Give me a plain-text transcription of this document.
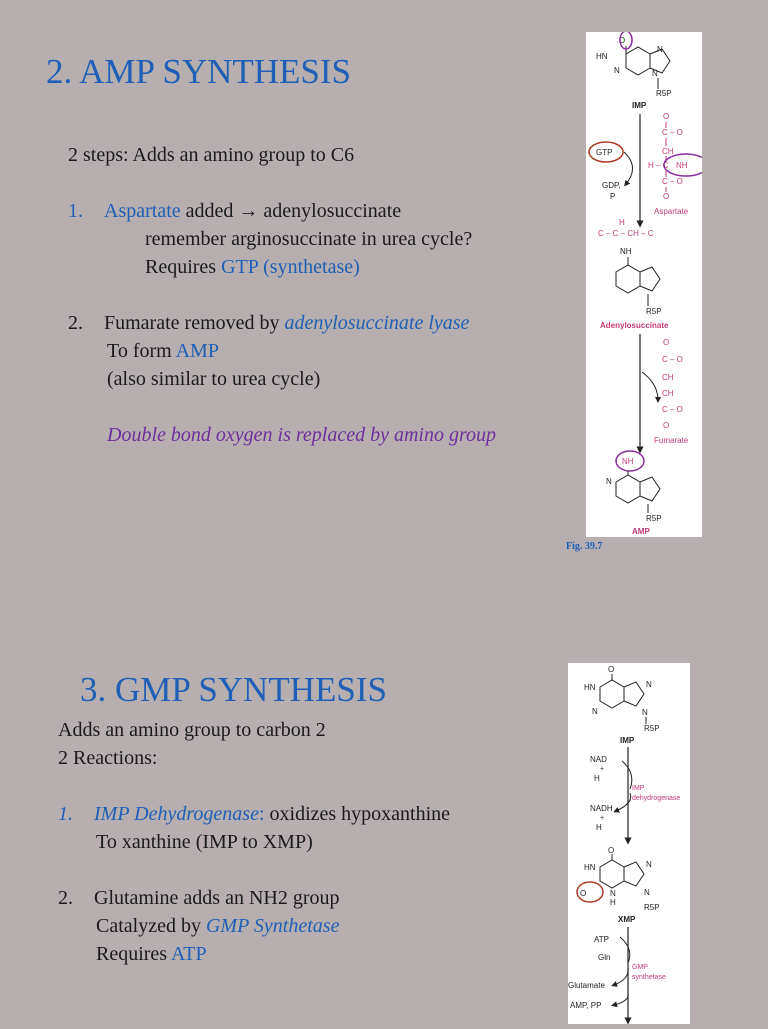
2. AMP SYNTHESIS
2 steps: Adds an amino group to C6
1. Aspartate added → adenylosuccinate
remember arginosuccinate in urea cycle?
Requires GTP (synthetase)
2. Fumarate removed by adenylosuccinate lyase
To form AMP
(also similar to urea cycle)
Double bond oxygen is replaced by amino group
O
HN
N
N	N
R5P
IMP
O
C – O
CH
H – C NH
C – O
O
Aspartate
GTP
GDP,
P
C – C – CH – C
H
NH
R5P
Adenylosuccinate
O
C – O
CH
CH
C – O
O
Fumarate
NH
N
R5P
AMP
Fig. 39.7
3. GMP SYNTHESIS
Adds an amino group to carbon 2
2 Reactions:
1. IMP Dehydrogenase: oxidizes hypoxanthine
To xanthine (IMP to XMP)
2. Glutamine adds an NH2 group
Catalyzed by GMP Synthetase
Requires ATP
O
HN	N
N	N
R5P
IMP
NAD
+
H
NADH
+
H
IMP
dehydrogenase
O
HN	N
N
H
N
R5P
O
XMP
ATP
Gln
Glutamate
AMP, PP
GMP
synthetase
